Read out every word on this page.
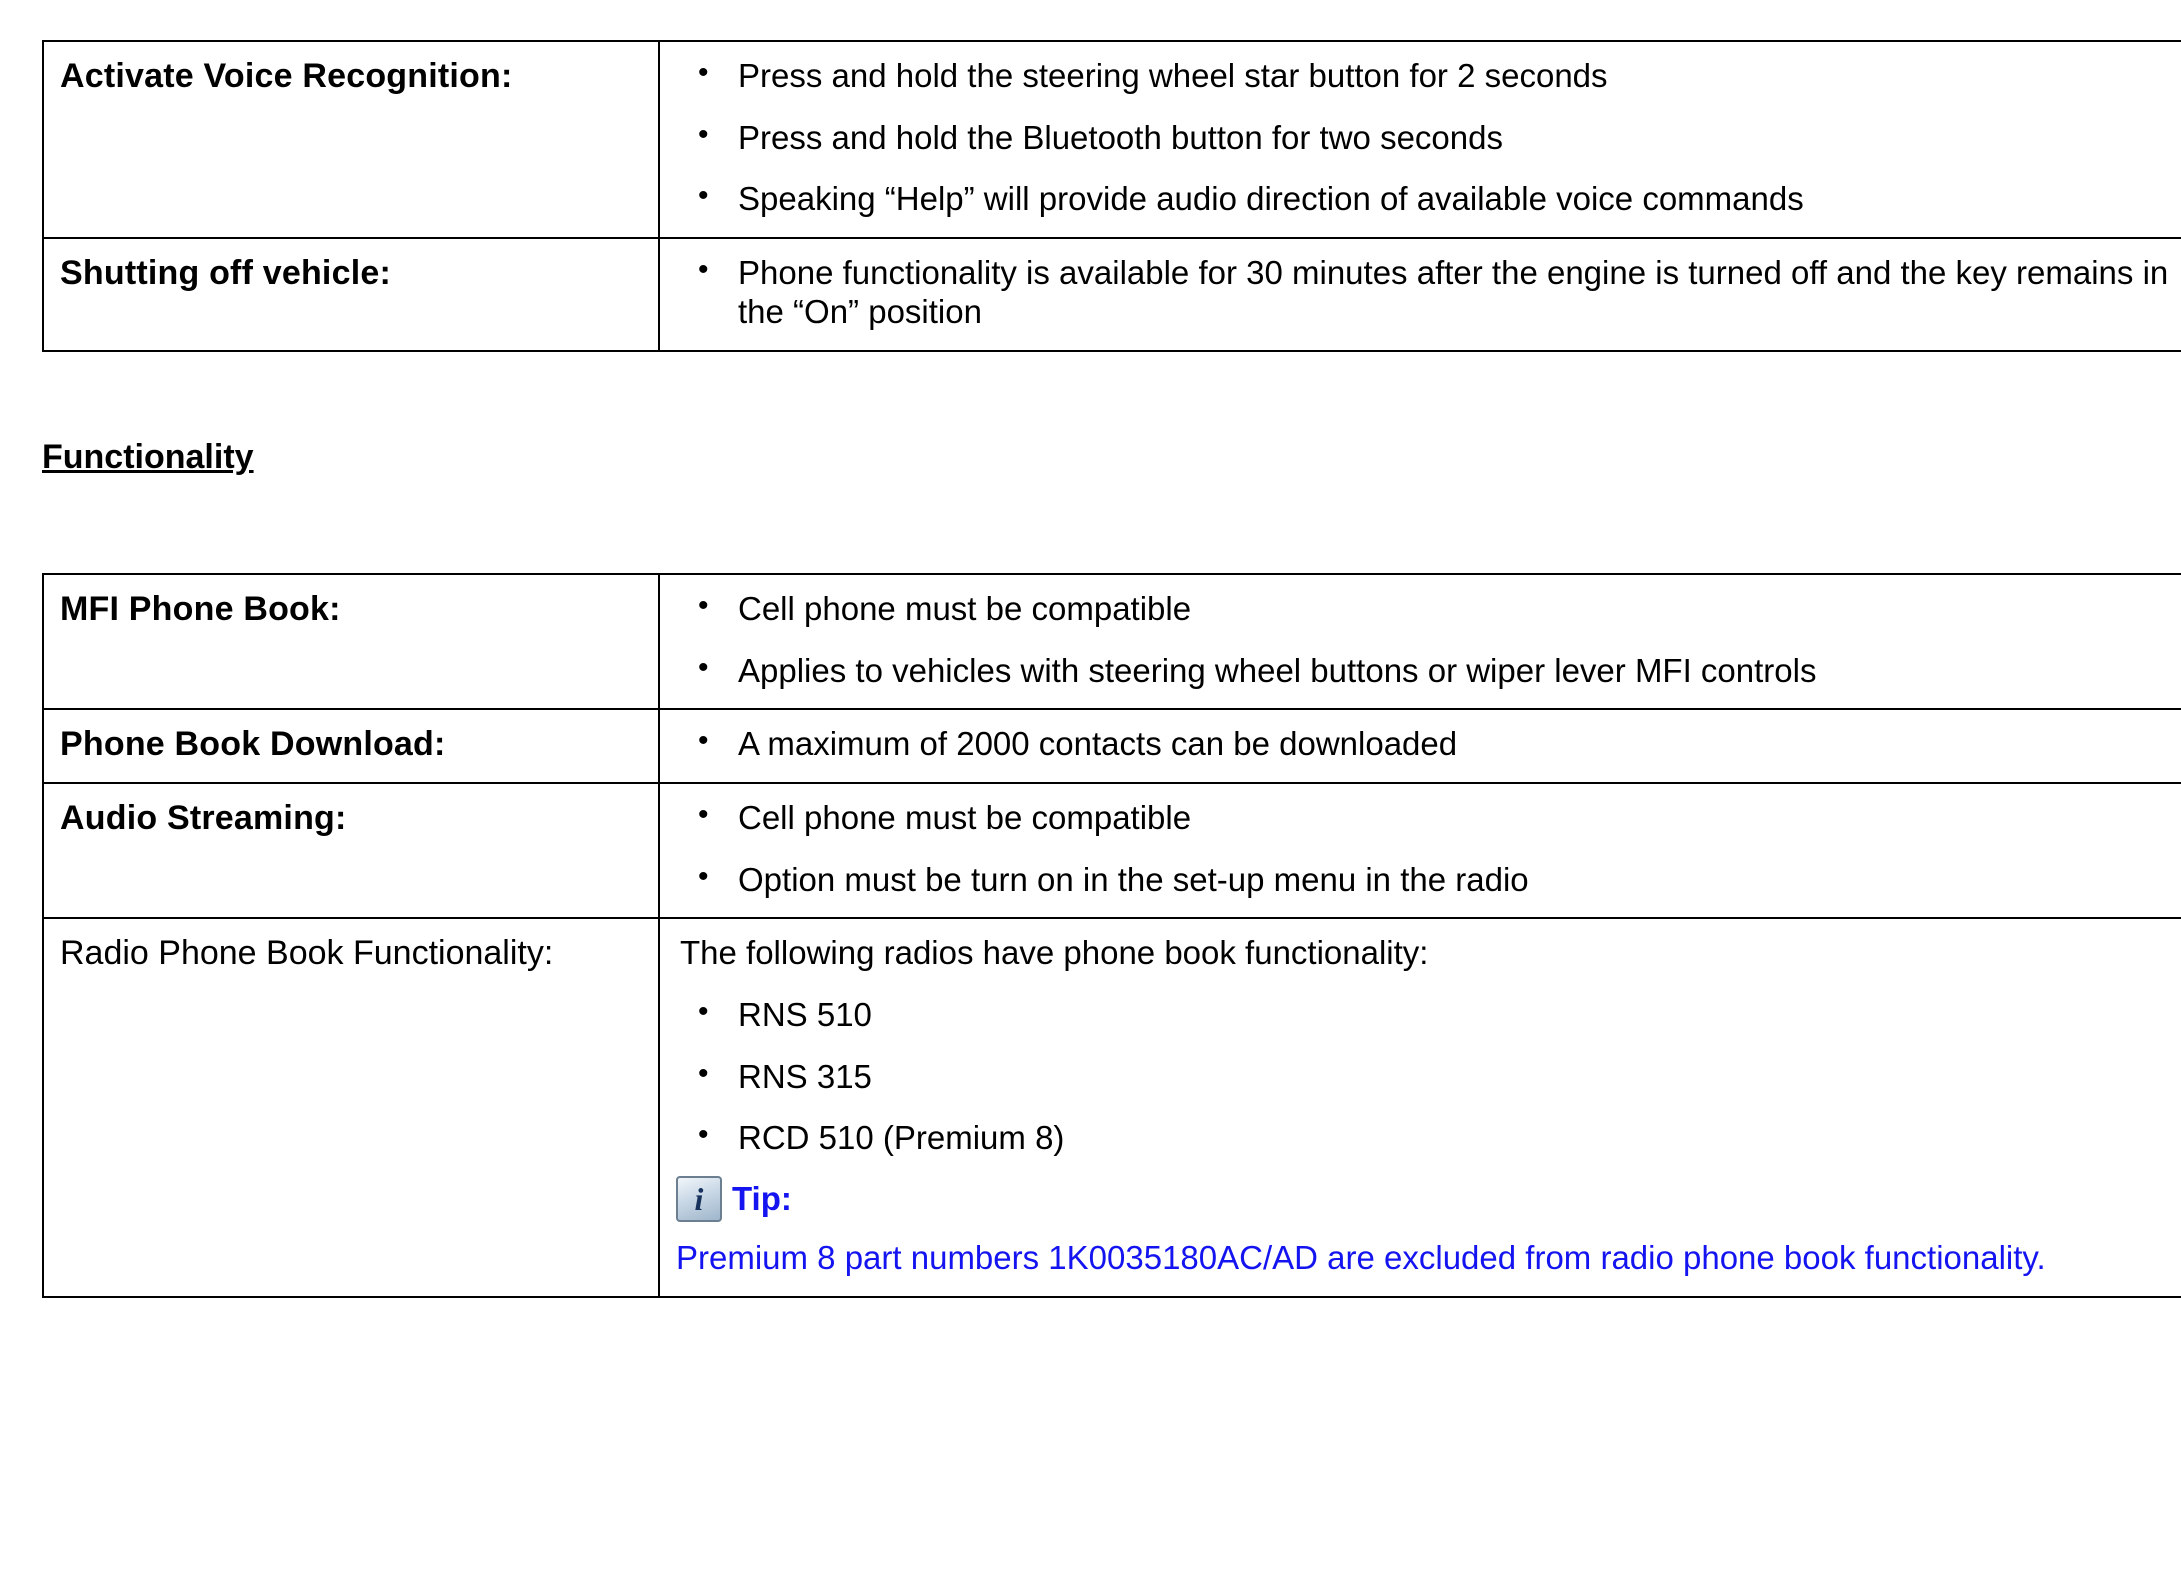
Activate Voice Recognition:

•Press and hold the steering wheel star button for 2 seconds
• Press and hold the Bluetooth button for two seconds
• Speaking “Help” will provide audio direction of available voice commands

Shutting off vehicle:

•Phone functionality is available for 30 minutes after the engine is turned off and the key remains in the “On” position
Functionality
MFI Phone Book:

•Cell phone must be compatible
• Applies to vehicles with steering wheel buttons or wiper lever MFI controls

Phone Book Download:

•A maximum of 2000 contacts can be downloaded

Audio Streaming:

•Cell phone must be compatible
• Option must be turn on in the set-up menu in the radio

Radio Phone Book Functionality:	The following radios have phone book functionality:

• RNS 510
• RNS 315
• RCD 510 (Premium 8)
i Tip:
Premium 8 part numbers 1K0035180AC/AD are excluded from radio phone book functionality.
